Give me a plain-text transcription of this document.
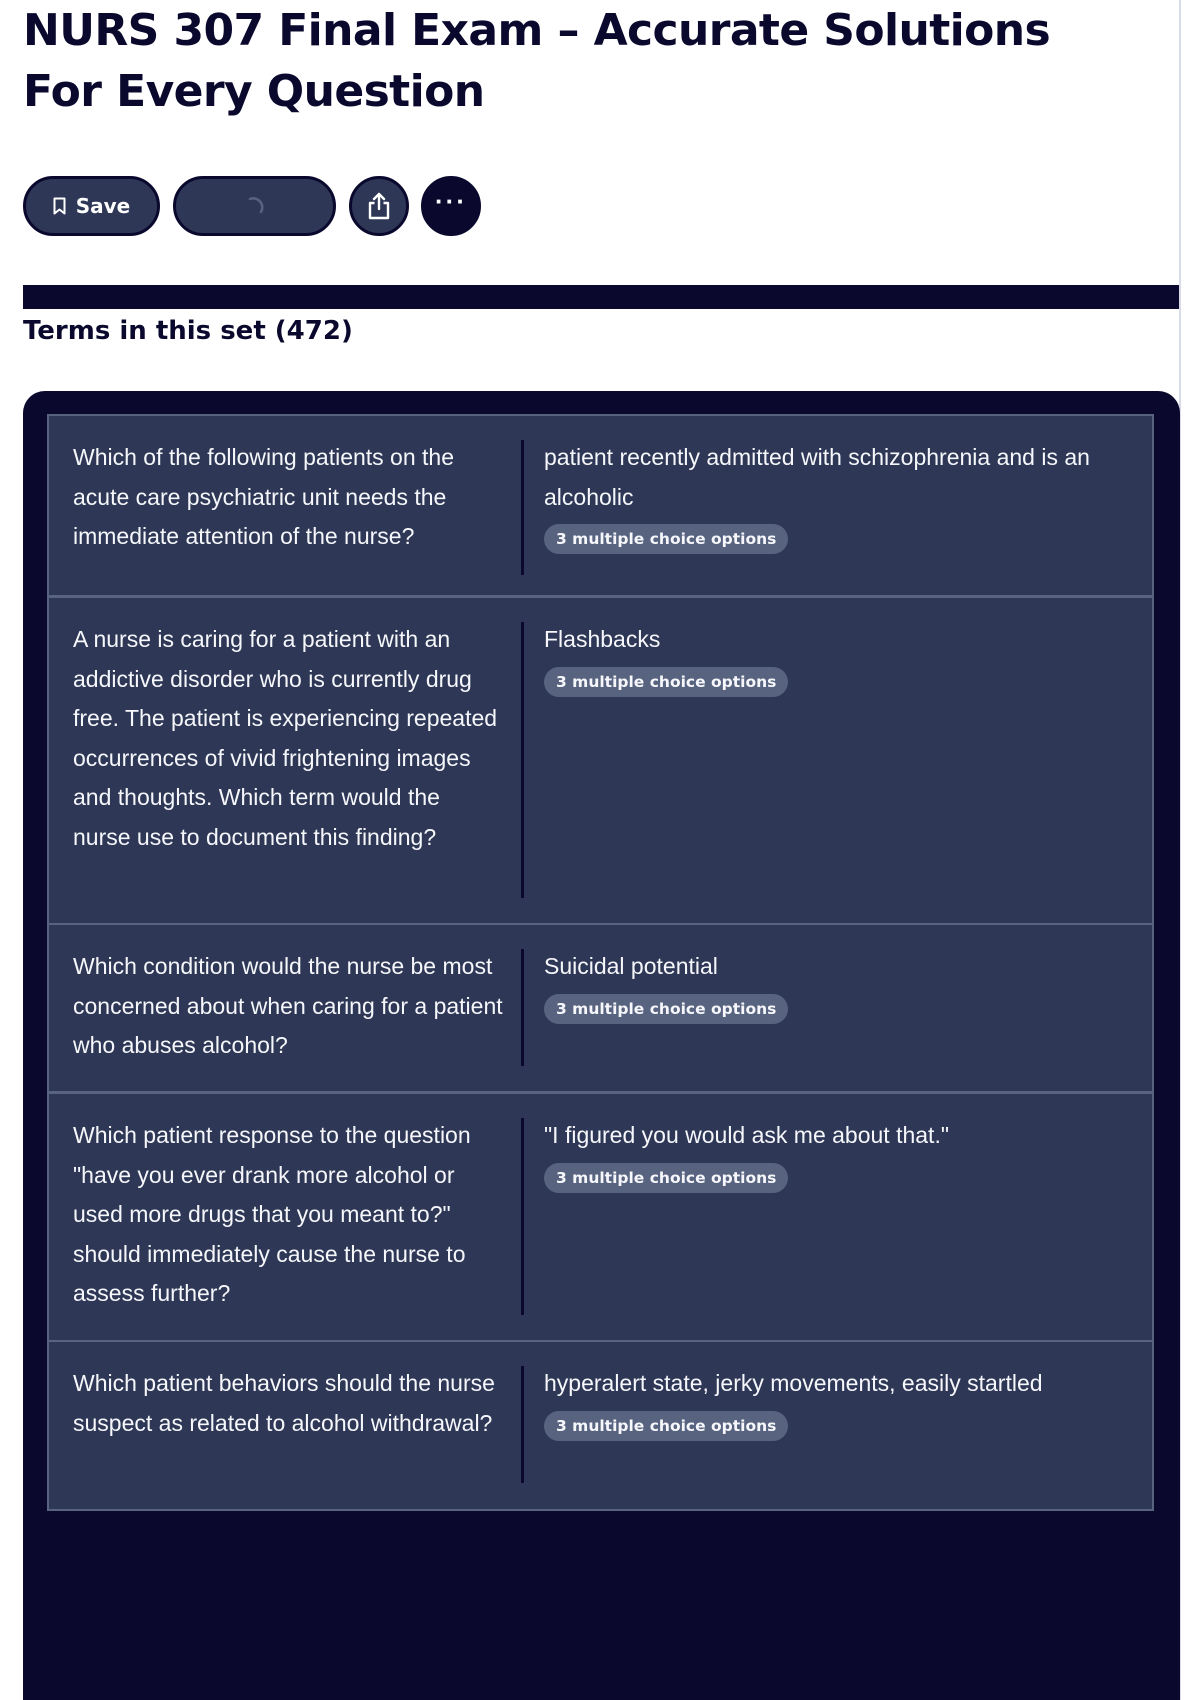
NURS 307 Final Exam – Accurate Solutions For Every Question
Save	···
Terms in this set (472)
Which of the following patients on the acute care psychiatric unit needs the immediate attention of the nurse?
patient recently admitted with schizophrenia and is an alcoholic
3 multiple choice options
A nurse is caring for a patient with an addictive disorder who is currently drug free. The patient is experiencing repeated occurrences of vivid frightening images and thoughts. Which term would the nurse use to document this finding?
Flashbacks
3 multiple choice options
Which condition would the nurse be most concerned about when caring for a patient who abuses alcohol?
Suicidal potential
3 multiple choice options
Which patient response to the question "have you ever drank more alcohol or used more drugs that you meant to?" should immediately cause the nurse to assess further?
"I figured you would ask me about that."
3 multiple choice options
Which patient behaviors should the nurse suspect as related to alcohol withdrawal?
hyperalert state, jerky movements, easily startled
3 multiple choice options
